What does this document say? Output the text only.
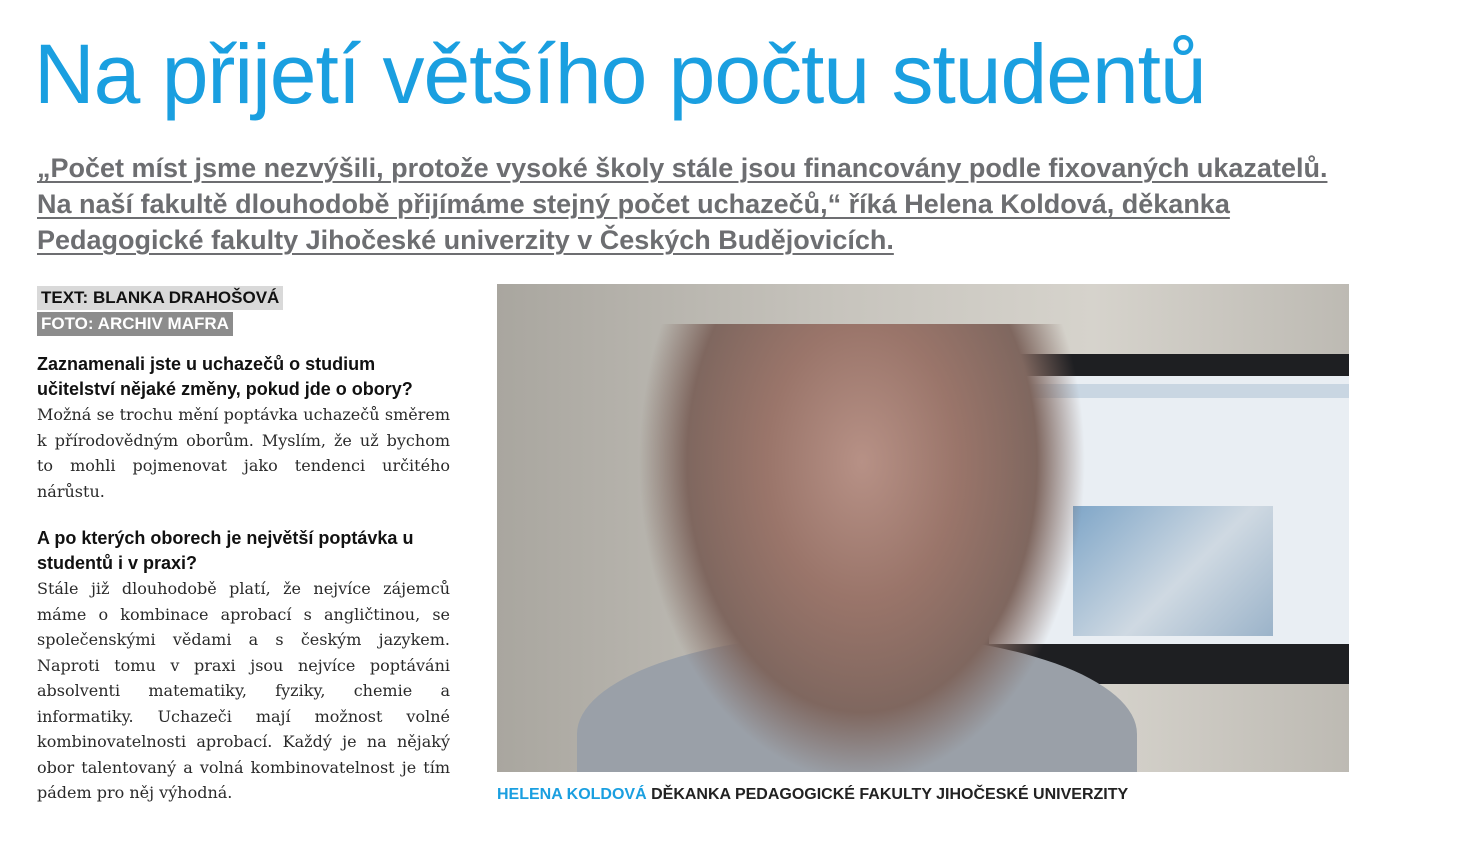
Na přijetí většího počtu studentů

„Počet míst jsme nezvýšili, protože vysoké školy stále jsou financovány podle fixovaných ukazatelů. Na naší fakultě dlouhodobě přijímáme stejný počet uchazečů,“ říká Helena Koldová, děkanka Pedagogické fakulty Jihočeské univerzity v Českých Budějovicích.

TEXT: BLANKA DRAHOŠOVÁ
FOTO: ARCHIV MAFRA

Zaznamenali jste u uchazečů o studium učitelství nějaké změny, pokud jde o obory?

Možná se trochu mění poptávka uchazečů směrem k přírodovědným oborům. Myslím, že už bychom to mohli pojmenovat jako tendenci určitého nárůstu.

A po kterých oborech je největší poptávka u studentů i v praxi?

Stále již dlouhodobě platí, že nejvíce zájemců máme o kombinace aprobací s angličtinou, se společenskými vědami a s českým jazykem. Naproti tomu v praxi jsou nejvíce poptáváni absolventi matematiky, fyziky, chemie a informatiky. Uchazeči mají možnost volné kombinovatelnosti aprobací. Každý je na nějaký obor talentovaný a volná kombinovatelnost je tím pádem pro něj výhodná.	HELENA KOLDOVÁ DĚKANKA PEDAGOGICKÉ FAKULTY JIHOČESKÉ UNIVERZITY
